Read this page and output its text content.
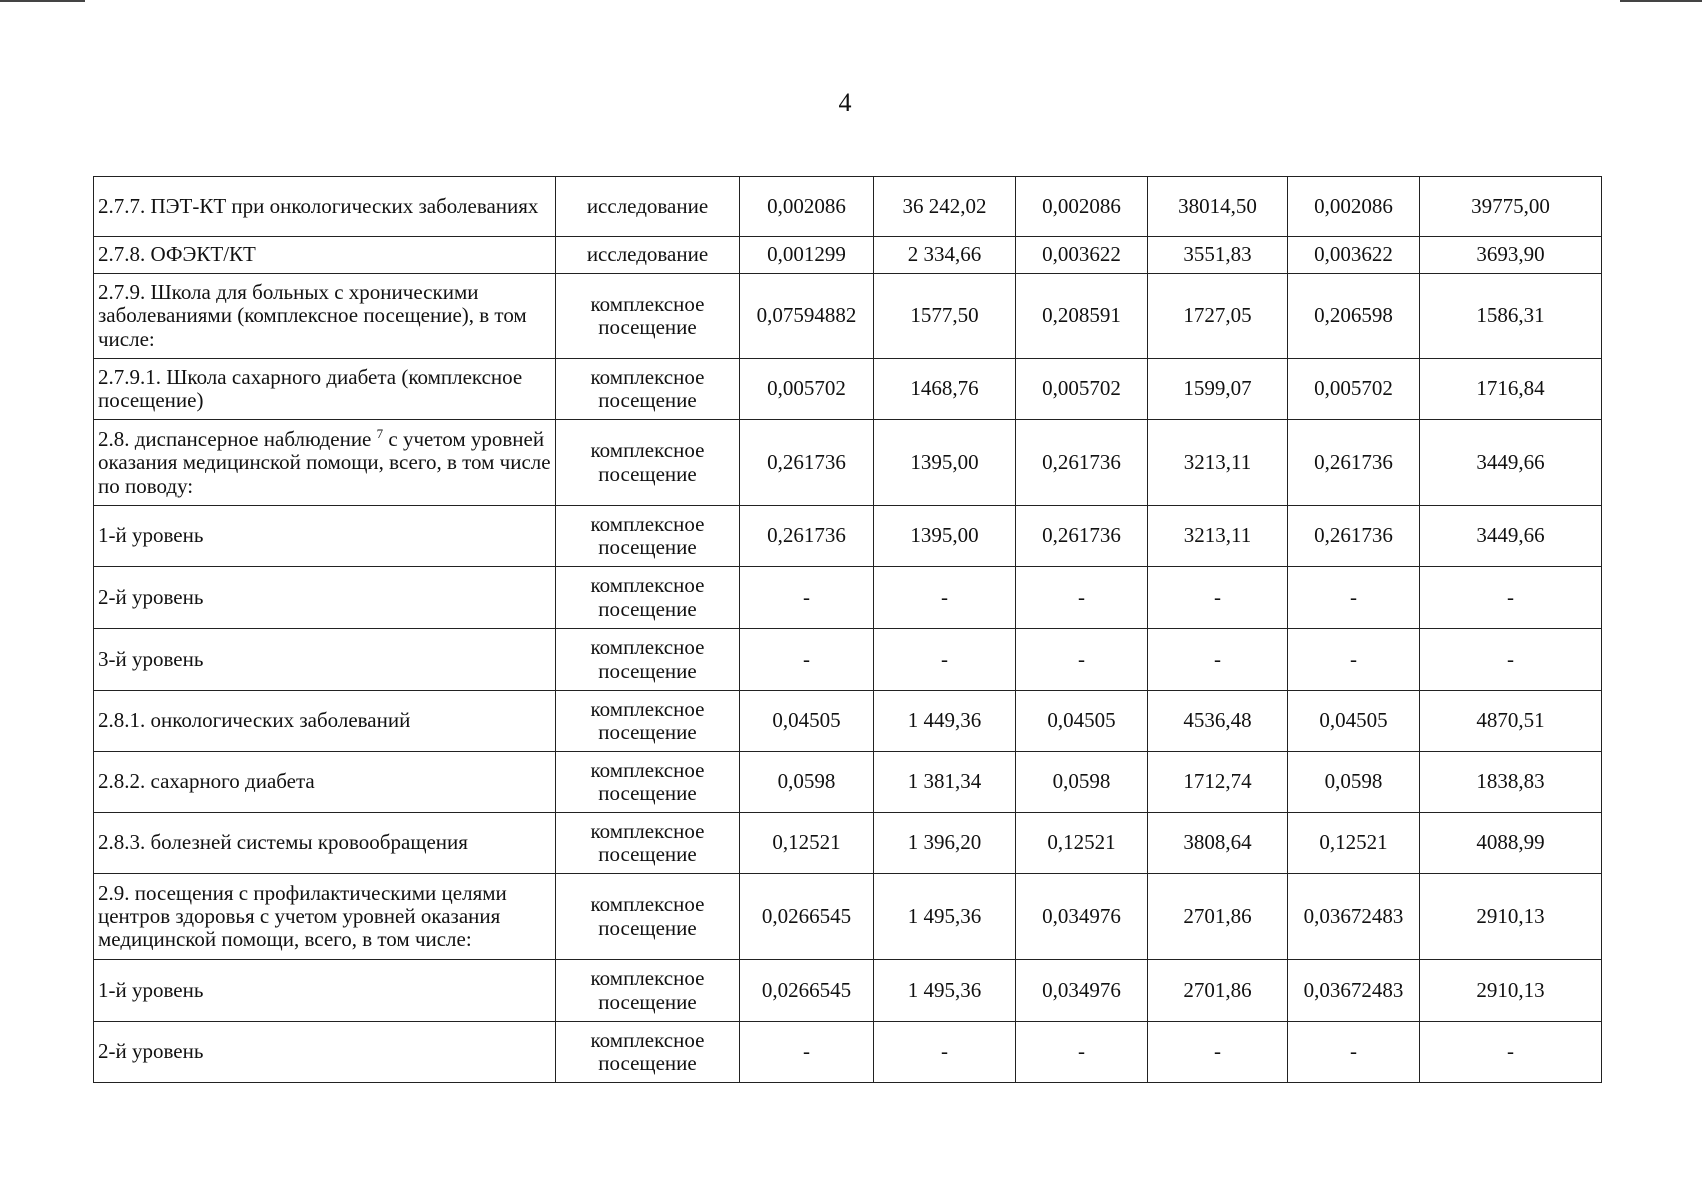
4
2.7.7. ПЭТ-КТ при онкологических заболеваниях	исследование	0,002086	36 242,02	0,002086	38014,50	0,002086	39775,00
2.7.8. ОФЭКТ/КТ	исследование	0,001299	2 334,66	0,003622	3551,83	0,003622	3693,90
2.7.9. Школа для больных с хроническими заболеваниями (комплексное посещение), в том числе:	комплексное посещение	0,07594882	1577,50	0,208591	1727,05	0,206598	1586,31
2.7.9.1. Школа сахарного диабета (комплексное посещение)	комплексное посещение	0,005702	1468,76	0,005702	1599,07	0,005702	1716,84
2.8. диспансерное наблюдение $^7$ с учетом уровней оказания медицинской помощи, всего, в том числе по поводу:	комплексное посещение	0,261736	1395,00	0,261736	3213,11	0,261736	3449,66
1-й уровень	комплексное посещение	0,261736	1395,00	0,261736	3213,11	0,261736	3449,66
2-й уровень	комплексное посещение	-	-	-	-	-	-
3-й уровень	комплексное посещение	-	-	-	-	-	-
2.8.1. онкологических заболеваний	комплексное посещение	0,04505	1 449,36	0,04505	4536,48	0,04505	4870,51
2.8.2. сахарного диабета	комплексное посещение	0,0598	1 381,34	0,0598	1712,74	0,0598	1838,83
2.8.3. болезней системы кровообращения	комплексное посещение	0,12521	1 396,20	0,12521	3808,64	0,12521	4088,99
2.9. посещения с профилактическими целями центров здоровья с учетом уровней оказания медицинской помощи, всего, в том числе:	комплексное посещение	0,0266545	1 495,36	0,034976	2701,86	0,03672483	2910,13
1-й уровень	комплексное посещение	0,0266545	1 495,36	0,034976	2701,86	0,03672483	2910,13
2-й уровень	комплексное посещение	-	-	-	-	-	-
